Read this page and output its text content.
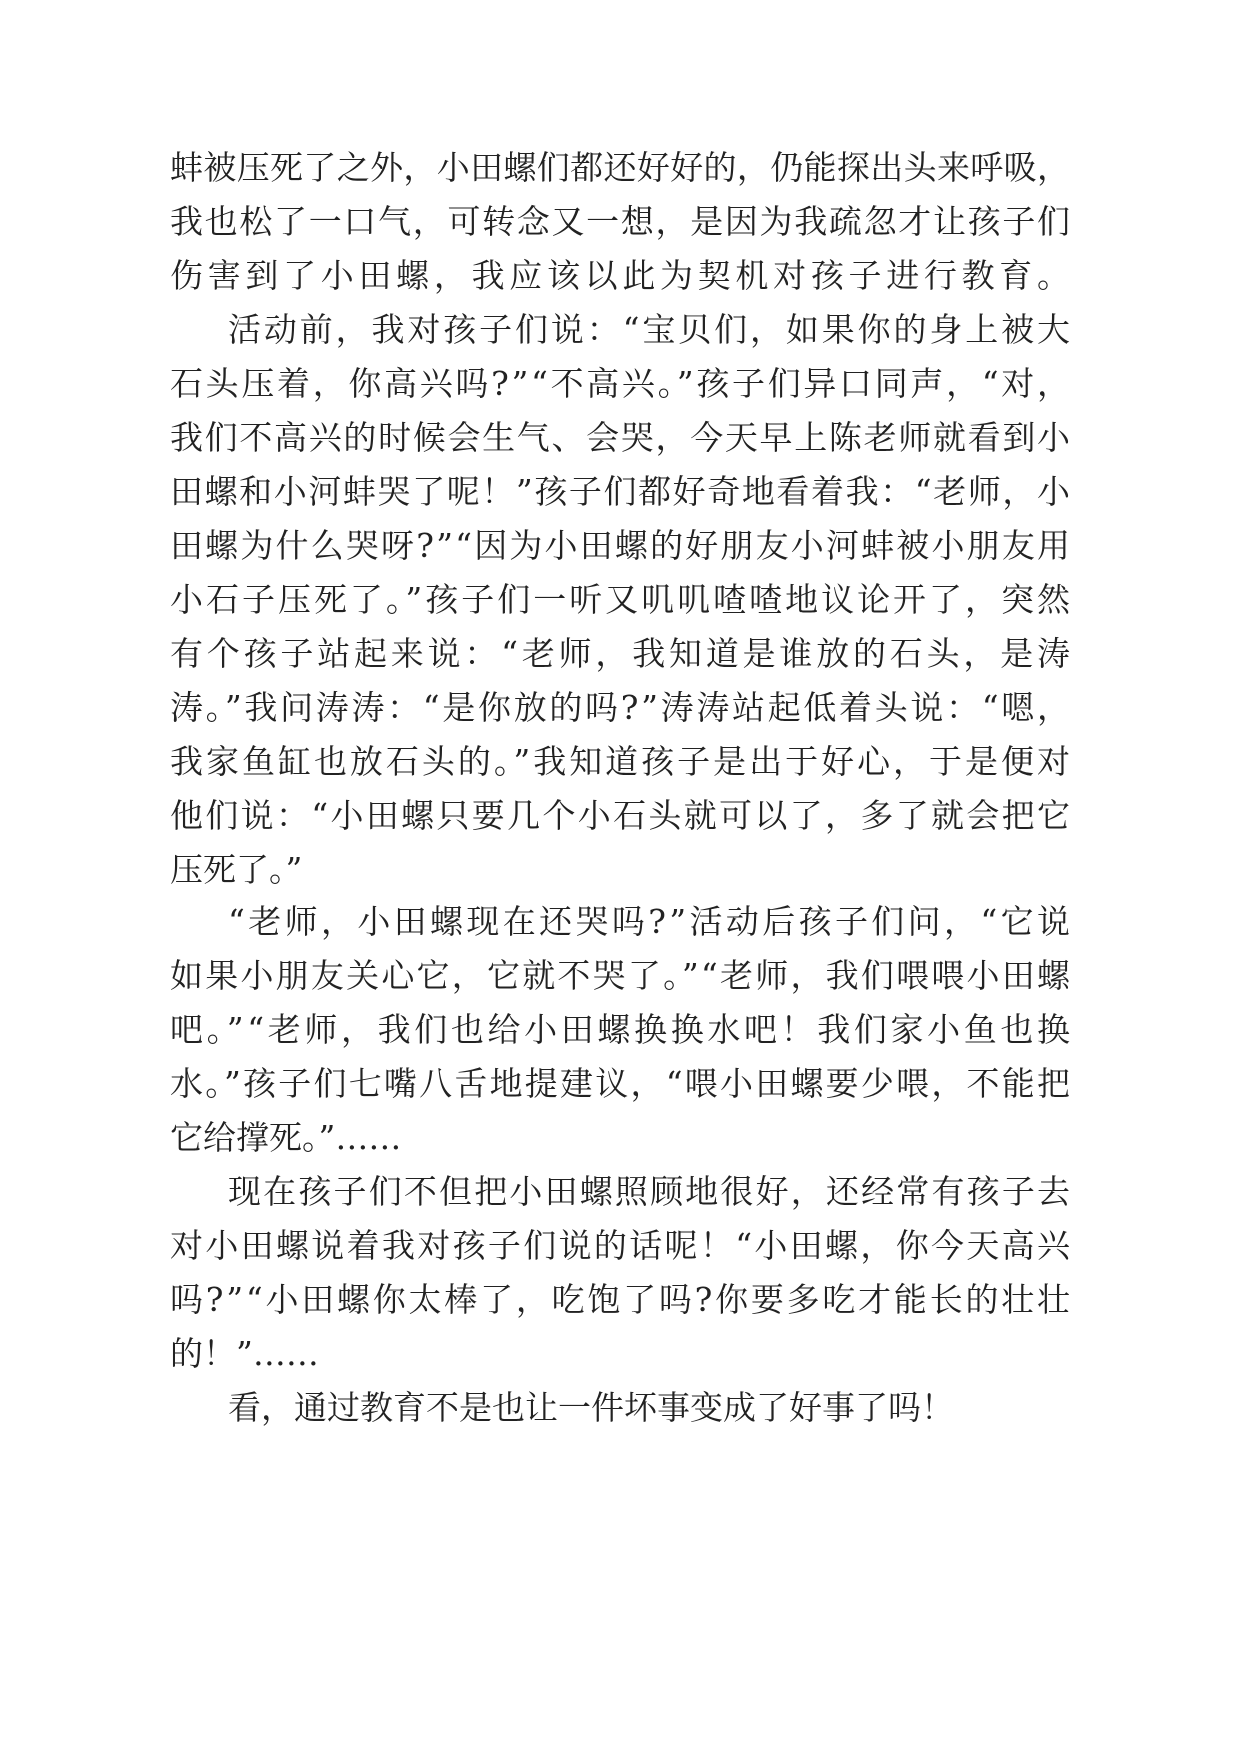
蚌被压死了之外，小田螺们都还好好的，仍能探出头来呼吸，
我也松了一口气，可转念又一想，是因为我疏忽才让孩子们
伤害到了小田螺，我应该以此为契机对孩子进行教育。
活动前，我对孩子们说：“宝贝们，如果你的身上被大
石头压着，你高兴吗?”“不高兴。”孩子们异口同声，“对，
我们不高兴的时候会生气、会哭，今天早上陈老师就看到小
田螺和小河蚌哭了呢！”孩子们都好奇地看着我：“老师，小
田螺为什么哭呀?”“因为小田螺的好朋友小河蚌被小朋友用
小石子压死了。”孩子们一听又叽叽喳喳地议论开了，突然
有个孩子站起来说：“老师，我知道是谁放的石头，是涛
涛。”我问涛涛：“是你放的吗?”涛涛站起低着头说：“嗯，
我家鱼缸也放石头的。”我知道孩子是出于好心，于是便对
他们说：“小田螺只要几个小石头就可以了，多了就会把它
压死了。”
“老师，小田螺现在还哭吗?”活动后孩子们问，“它说
如果小朋友关心它，它就不哭了。”“老师，我们喂喂小田螺
吧。”“老师，我们也给小田螺换换水吧！我们家小鱼也换
水。”孩子们七嘴八舌地提建议，“喂小田螺要少喂，不能把
它给撑死。”……
现在孩子们不但把小田螺照顾地很好，还经常有孩子去
对小田螺说着我对孩子们说的话呢！“小田螺，你今天高兴
吗?”“小田螺你太棒了，吃饱了吗?你要多吃才能长的壮壮
的！”……
看，通过教育不是也让一件坏事变成了好事了吗！
